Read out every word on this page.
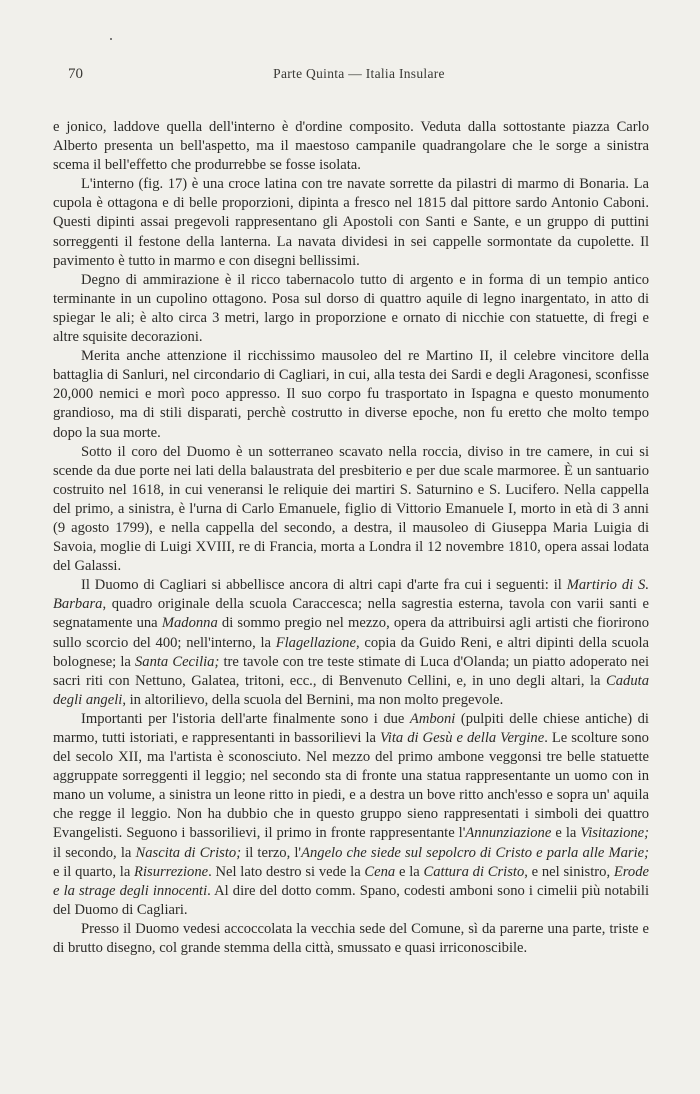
70	Parte Quinta — Italia Insulare

e jonico, laddove quella dell'interno è d'ordine composito. Veduta dalla sottostante piazza Carlo Alberto presenta un bell'aspetto, ma il maestoso campanile quadrangolare che le sorge a sinistra scema il bell'effetto che produrrebbe se fosse isolata.

L'interno (fig. 17) è una croce latina con tre navate sorrette da pilastri di marmo di Bonaria. La cupola è ottagona e di belle proporzioni, dipinta a fresco nel 1815 dal pittore sardo Antonio Caboni. Questi dipinti assai pregevoli rappresentano gli Apostoli con Santi e Sante, e un gruppo di puttini sorreggenti il festone della lanterna. La navata dividesi in sei cappelle sormontate da cupolette. Il pavimento è tutto in marmo e con disegni bellissimi.

Degno di ammirazione è il ricco tabernacolo tutto di argento e in forma di un tempio antico terminante in un cupolino ottagono. Posa sul dorso di quattro aquile di legno inargentato, in atto di spiegar le ali; è alto circa 3 metri, largo in proporzione e ornato di nicchie con statuette, di fregi e altre squisite decorazioni.

Merita anche attenzione il ricchissimo mausoleo del re Martino II, il celebre vincitore della battaglia di Sanluri, nel circondario di Cagliari, in cui, alla testa dei Sardi e degli Aragonesi, sconfisse 20,000 nemici e morì poco appresso. Il suo corpo fu trasportato in Ispagna e questo monumento grandioso, ma di stili disparati, perchè costrutto in diverse epoche, non fu eretto che molto tempo dopo la sua morte.

Sotto il coro del Duomo è un sotterraneo scavato nella roccia, diviso in tre camere, in cui si scende da due porte nei lati della balaustrata del presbiterio e per due scale marmoree. È un santuario costruito nel 1618, in cui veneransi le reliquie dei martiri S. Saturnino e S. Lucifero. Nella cappella del primo, a sinistra, è l'urna di Carlo Emanuele, figlio di Vittorio Emanuele I, morto in età di 3 anni (9 agosto 1799), e nella cappella del secondo, a destra, il mausoleo di Giuseppa Maria Luigia di Savoia, moglie di Luigi XVIII, re di Francia, morta a Londra il 12 novembre 1810, opera assai lodata del Galassi.

Il Duomo di Cagliari si abbellisce ancora di altri capi d'arte fra cui i seguenti: il Martirio di S. Barbara, quadro originale della scuola Caraccesca; nella sagrestia esterna, tavola con varii santi e segnatamente una Madonna di sommo pregio nel mezzo, opera da attribuirsi agli artisti che fiorirono sullo scorcio del 400; nell'interno, la Flagellazione, copia da Guido Reni, e altri dipinti della scuola bolognese; la Santa Cecilia; tre tavole con tre teste stimate di Luca d'Olanda; un piatto adoperato nei sacri riti con Nettuno, Galatea, tritoni, ecc., di Benvenuto Cellini, e, in uno degli altari, la Caduta degli angeli, in altorilievo, della scuola del Bernini, ma non molto pregevole.

Importanti per l'istoria dell'arte finalmente sono i due Amboni (pulpiti delle chiese antiche) di marmo, tutti istoriati, e rappresentanti in bassorilievi la Vita di Gesù e della Vergine. Le scolture sono del secolo XII, ma l'artista è sconosciuto. Nel mezzo del primo ambone veggonsi tre belle statuette aggruppate sorreggenti il leggio; nel secondo sta di fronte una statua rappresentante un uomo con in mano un volume, a sinistra un leone ritto in piedi, e a destra un bove ritto anch'esso e sopra un' aquila che regge il leggio. Non ha dubbio che in questo gruppo sieno rappresentati i simboli dei quattro Evangelisti. Seguono i bassorilievi, il primo in fronte rappresentante l'Annunziazione e la Visitazione; il secondo, la Nascita di Cristo; il terzo, l'Angelo che siede sul sepolcro di Cristo e parla alle Marie; e il quarto, la Risurrezione. Nel lato destro si vede la Cena e la Cattura di Cristo, e nel sinistro, Erode e la strage degli innocenti. Al dire del dotto comm. Spano, codesti amboni sono i cimelii più notabili del Duomo di Cagliari.

Presso il Duomo vedesi accoccolata la vecchia sede del Comune, sì da parerne una parte, triste e di brutto disegno, col grande stemma della città, smussato e quasi irriconoscibile.
